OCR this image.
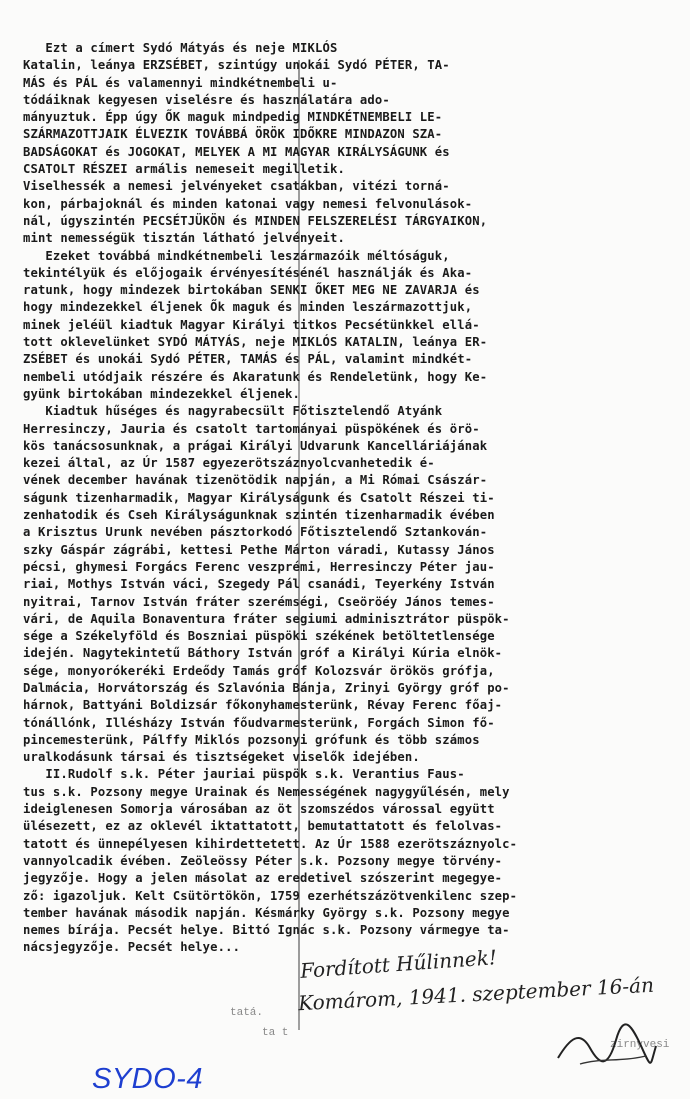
Ezt a címert Sydó Mátyás és neje MIKLÓS
Katalin, leánya ERZSÉBET, szintúgy unokái Sydó PÉTER, TA-
MÁS és PÁL és valamennyi mindkétnembeli u-
tódáiknak kegyesen viselésre és használatára ado-
mányuztuk. Épp úgy ŐK maguk mindpedig MINDKÉTNEMBELI LE-
SZÁRMAZOTTJAIK ÉLVEZIK TOVÁBBÁ ÖRÖK IDŐKRE MINDAZON SZA-
BADSÁGOKAT és JOGOKAT, MELYEK A MI MAGYAR KIRÁLYSÁGUNK és
CSATOLT RÉSZEI armális nemeseit megilletik.
Viselhessék a nemesi jelvényeket csatákban, vitézi torná-
kon, párbajoknál és minden katonai vagy nemesi felvonulások-
nál, úgyszintén PECSÉTJÜKÖN és MINDEN FELSZERELÉSI TÁRGYAIKON,
mint nemességük tisztán látható jelvényeit.
Ezeket továbbá mindkétnembeli leszármazóik méltóságuk,
tekintélyük és előjogaik érvényesítésénél használják és Aka-
ratunk, hogy mindezek birtokában SENKI ŐKET MEG NE ZAVARJA és
hogy mindezekkel éljenek Ők maguk és minden leszármazottjuk,
minek jeléül kiadtuk Magyar Királyi titkos Pecsétünkkel ellá-
tott oklevelünket SYDÓ MÁTYÁS, neje MIKLÓS KATALIN, leánya ER-
ZSÉBET és unokái Sydó PÉTER, TAMÁS és PÁL, valamint mindkét-
nembeli utódjaik részére és Akaratunk és Rendeletünk, hogy Ke-
gyünk birtokában mindezekkel éljenek.
Kiadtuk hűséges és nagyrabecsült Főtisztelendő Atyánk
Herresinczy, Jauria és csatolt tartományai püspökének és örö-
kös tanácsosunknak, a prágai Királyi Udvarunk Kancelláriájának
kezei által, az Úr 1587 egyezerötszáznyolcvanhetedik é-
vének december havának tizenötödik napján, a Mi Római Császár-
ságunk tizenharmadik, Magyar Királyságunk és Csatolt Részei ti-
zenhatodik és Cseh Királyságunknak szintén tizenharmadik évében
a Krisztus Urunk nevében pásztorkodó Főtisztelendő Sztankován-
szky Gáspár zágrábi, kettesi Pethe Márton váradi, Kutassy János
pécsi, ghymesi Forgács Ferenc veszprémi, Herresinczy Péter jau-
riai, Mothys István váci, Szegedy Pál csanádi, Teyerkény István
nyitrai, Tarnov István fráter szerémségi, Cseöröéy János temes-
vári, de Aquila Bonaventura fráter segiumi adminisztrátor püspök-
sége a Székelyföld és Boszniai püspöki székének betöltetlensége
idején. Nagytekintetű Báthory István gróf a Királyi Kúria elnök-
sége, monyorókeréki Erdeődy Tamás gróf Kolozsvár örökös grófja,
Dalmácia, Horvátország és Szlavónia Bánja, Zrinyi György gróf po-
hárnok, Battyáni Boldizsár főkonyhamesterünk, Révay Ferenc főaj-
tónállónk, Illésházy István főudvarmesterünk, Forgách Simon fő-
pincemesterünk, Pálffy Miklós pozsonyi grófunk és több számos
uralkodásunk társai és tisztségeket viselők idejében.
II.Rudolf s.k. Péter jauriai püspök s.k. Verantius Faus-
tus s.k. Pozsony megye Urainak és Nemességének nagygyűlésén, mely
ideiglenesen Somorja városában az öt szomszédos várossal együtt
ülésezett, ez az oklevél iktattatott, bemutattatott és felolvas-
tatott és ünnepélyesen kihirdettetett. Az Úr 1588 ezerötszáznyolc-
vannyolcadik évében. Zeöleössy Péter s.k. Pozsony megye törvény-
jegyzője. Hogy a jelen másolat az eredetivel szószerint megegye-
ző: igazoljuk. Kelt Csütörtökön, 1759 ezerhétszázötvenkilenc szep-
tember havának második napján. Késmárky György s.k. Pozsony megye
nemes bírája. Pecsét helye. Bittó Ignác s.k. Pozsony vármegye ta-
nácsjegyzője. Pecsét helye...	Fordított Hűlinnek!
Komárom, 1941. szeptember 16-án
tatá.
ta t
zirnyvesi
SYDO-4
